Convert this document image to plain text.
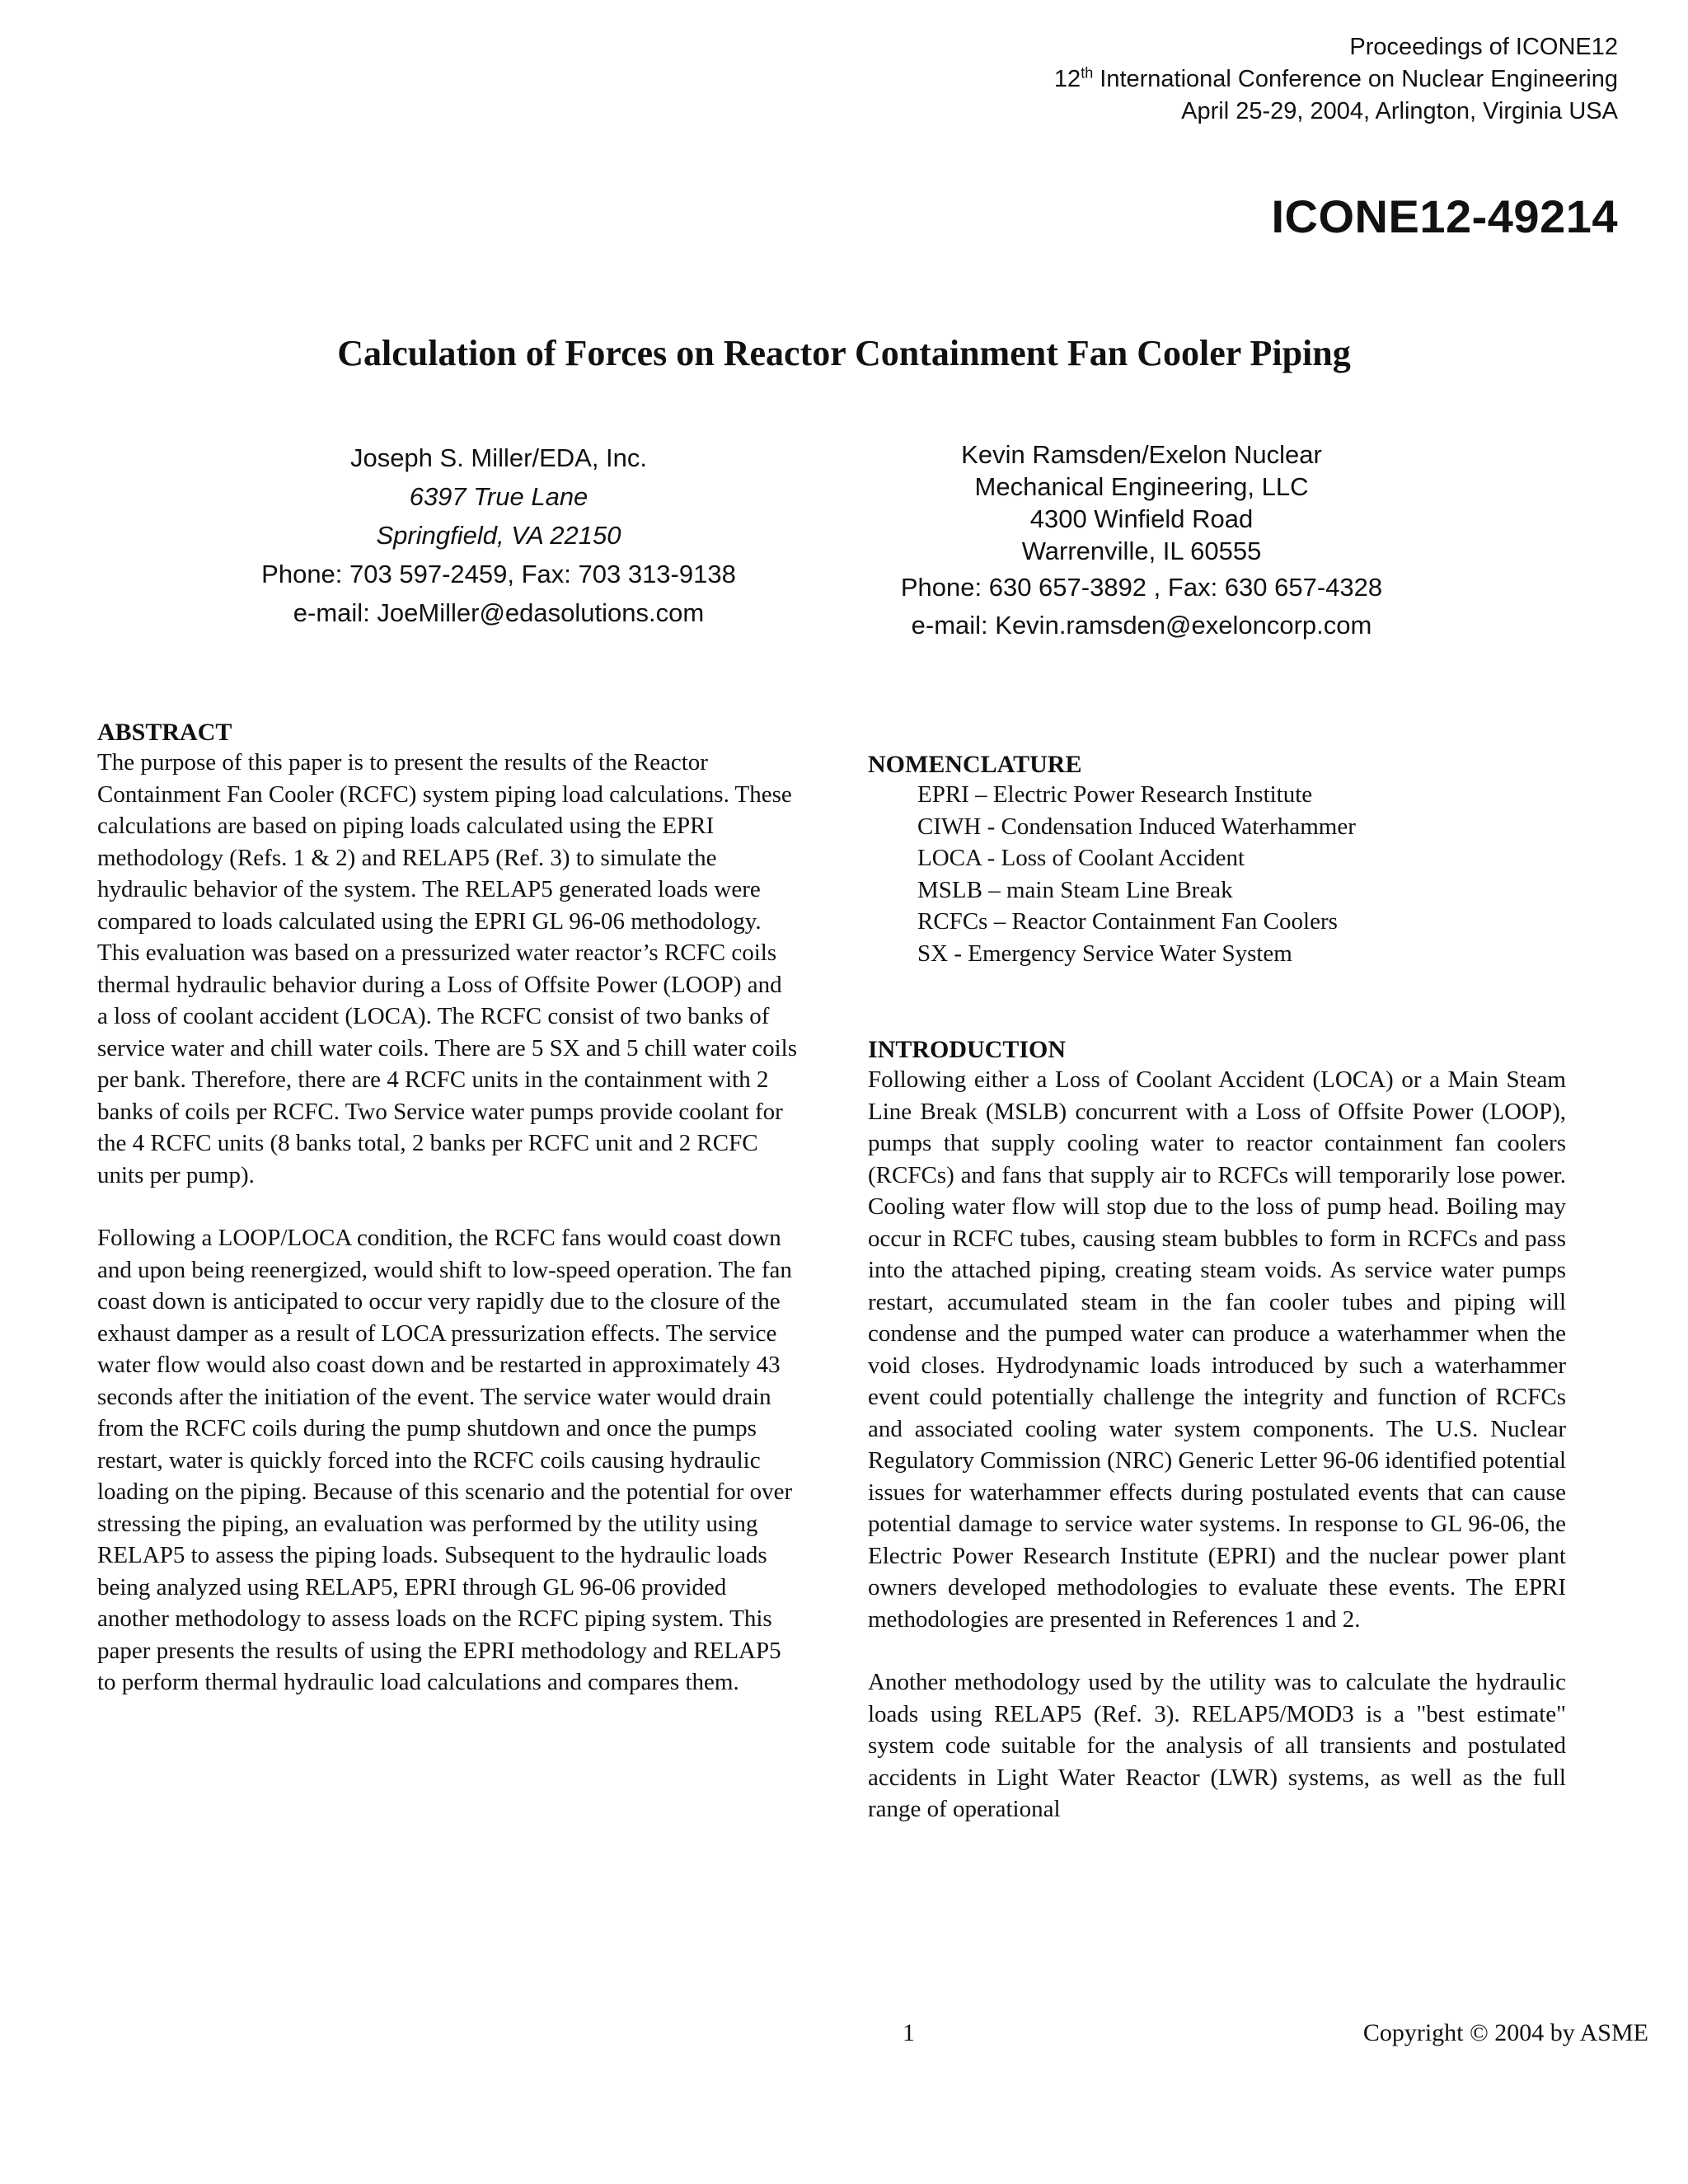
Proceedings of ICONE12
12th International Conference on Nuclear Engineering
April 25-29, 2004, Arlington, Virginia USA
ICONE12-49214
Calculation of Forces on Reactor Containment Fan Cooler Piping
Joseph S. Miller/EDA, Inc.
6397 True Lane
Springfield, VA 22150
Phone: 703 597-2459, Fax: 703 313-9138
e-mail: JoeMiller@edasolutions.com
Kevin Ramsden/Exelon Nuclear
Mechanical Engineering, LLC
4300 Winfield Road
Warrenville, IL 60555
Phone: 630 657-3892 , Fax: 630 657-4328
e-mail: Kevin.ramsden@exeloncorp.com
ABSTRACT

The purpose of this paper is to present the results of the Reactor Containment Fan Cooler (RCFC) system piping load calculations. These calculations are based on piping loads calculated using the EPRI methodology (Refs. 1 & 2) and RELAP5 (Ref. 3) to simulate the hydraulic behavior of the system. The RELAP5 generated loads were compared to loads calculated using the EPRI GL 96-06 methodology. This evaluation was based on a pressurized water reactor’s RCFC coils thermal hydraulic behavior during a Loss of Offsite Power (LOOP) and a loss of coolant accident (LOCA). The RCFC consist of two banks of service water and chill water coils. There are 5 SX and 5 chill water coils per bank. Therefore, there are 4 RCFC units in the containment with 2 banks of coils per RCFC. Two Service water pumps provide coolant for the 4 RCFC units (8 banks total, 2 banks per RCFC unit and 2 RCFC units per pump).

Following a LOOP/LOCA condition, the RCFC fans would coast down and upon being reenergized, would shift to low-speed operation. The fan coast down is anticipated to occur very rapidly due to the closure of the exhaust damper as a result of LOCA pressurization effects. The service water flow would also coast down and be restarted in approximately 43 seconds after the initiation of the event. The service water would drain from the RCFC coils during the pump shutdown and once the pumps restart, water is quickly forced into the RCFC coils causing hydraulic loading on the piping. Because of this scenario and the potential for over stressing the piping, an evaluation was performed by the utility using RELAP5 to assess the piping loads. Subsequent to the hydraulic loads being analyzed using RELAP5, EPRI through GL 96-06 provided another methodology to assess loads on the RCFC piping system. This paper presents the results of using the EPRI methodology and RELAP5 to perform thermal hydraulic load calculations and compares them.

NOMENCLATURE
EPRI – Electric Power Research Institute
CIWH - Condensation Induced Waterhammer
LOCA - Loss of Coolant Accident
MSLB – main Steam Line Break
RCFCs – Reactor Containment Fan Coolers
SX - Emergency Service Water System
INTRODUCTION

Following either a Loss of Coolant Accident (LOCA) or a Main Steam Line Break (MSLB) concurrent with a Loss of Offsite Power (LOOP), pumps that supply cooling water to reactor containment fan coolers (RCFCs) and fans that supply air to RCFCs will temporarily lose power. Cooling water flow will stop due to the loss of pump head. Boiling may occur in RCFC tubes, causing steam bubbles to form in RCFCs and pass into the attached piping, creating steam voids. As service water pumps restart, accumulated steam in the fan cooler tubes and piping will condense and the pumped water can produce a waterhammer when the void closes. Hydrodynamic loads introduced by such a waterhammer event could potentially challenge the integrity and function of RCFCs and associated cooling water system components. The U.S. Nuclear Regulatory Commission (NRC) Generic Letter 96-06 identified potential issues for waterhammer effects during postulated events that can cause potential damage to service water systems. In response to GL 96-06, the Electric Power Research Institute (EPRI) and the nuclear power plant owners developed methodologies to evaluate these events. The EPRI methodologies are presented in References 1 and 2.

Another methodology used by the utility was to calculate the hydraulic loads using RELAP5 (Ref. 3). RELAP5/MOD3 is a "best estimate" system code suitable for the analysis of all transients and postulated accidents in Light Water Reactor (LWR) systems, as well as the full range of operational

1	Copyright © 2004 by ASME
